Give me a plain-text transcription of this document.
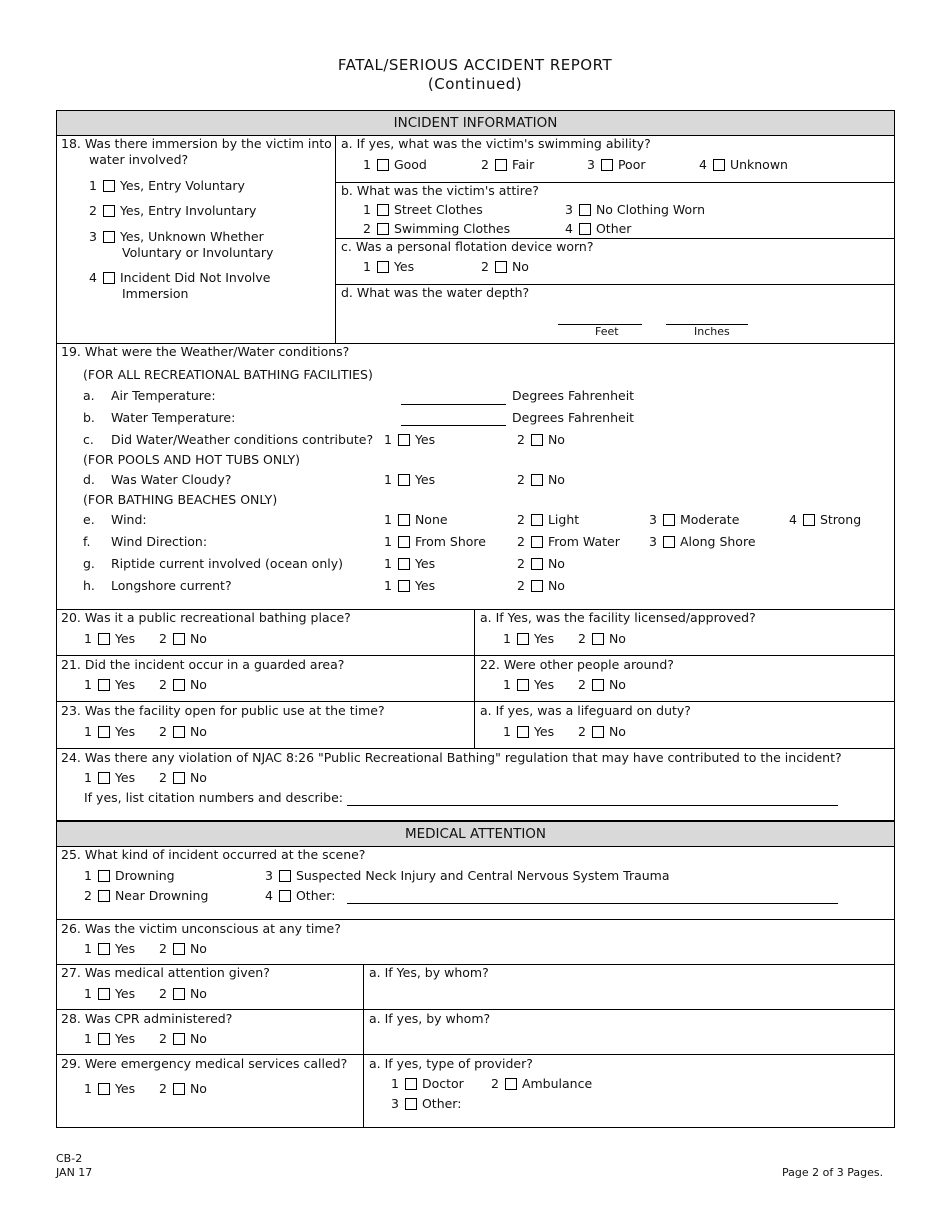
FATAL/SERIOUS ACCIDENT REPORT
(Continued)
INCIDENT INFORMATION
18. Was there immersion by the victim into
water involved?
1 Yes, Entry Voluntary
2 Yes, Entry Involuntary
3 Yes, Unknown Whether
Voluntary or Involuntary
4 Incident Did Not Involve
Immersion
a. If yes, what was the victim's swimming ability?
1 Good	2 Fair	3 Poor	4 Unknown
b. What was the victim's attire?
1 Street Clothes
2 Swimming Clothes
3 No Clothing Worn
4 Other
c. Was a personal flotation device worn?
1 Yes	2 No
d. What was the water depth?
Feet	Inches
19. What were the Weather/Water conditions?
(FOR ALL RECREATIONAL BATHING FACILITIES)
a. Air Temperature:	Degrees Fahrenheit
b. Water Temperature:	Degrees Fahrenheit
c. Did Water/Weather conditions contribute? 1 Yes	2 No
(FOR POOLS AND HOT TUBS ONLY)
d. Was Water Cloudy?	1 Yes	2 No
(FOR BATHING BEACHES ONLY)
e. Wind:	1 None	2 Light	3 Moderate	4 Strong
f. Wind Direction:	1 From Shore 2 From Water 3 Along Shore
g. Riptide current involved (ocean only)	1 Yes	2 No
h. Longshore current?	1 Yes	2 No
20. Was it a public recreational bathing place?
1 Yes 2 No
a. If Yes, was the facility licensed/approved?
1 Yes 2 No
21. Did the incident occur in a guarded area?
1 Yes 2 No
22. Were other people around?
1 Yes 2 No
23. Was the facility open for public use at the time?
1 Yes 2 No
a. If yes, was a lifeguard on duty?
1 Yes 2 No
24. Was there any violation of NJAC 8:26 "Public Recreational Bathing" regulation that may have contributed to the incident?
1 Yes 2 No
If yes, list citation numbers and describe:
MEDICAL ATTENTION
25. What kind of incident occurred at the scene?
1 Drowning
2 Near Drowning
3 Suspected Neck Injury and Central Nervous System Trauma
4 Other:
26. Was the victim unconscious at any time?
1 Yes 2 No
27. Was medical attention given?
1 Yes 2 No
a. If Yes, by whom?
28. Was CPR administered?
1 Yes 2 No
a. If yes, by whom?
29. Were emergency medical services called?
1 Yes 2 No
a. If yes, type of provider?
1 Doctor 2 Ambulance
3 Other:
CB-2
JAN 17	Page 2 of 3 Pages.
